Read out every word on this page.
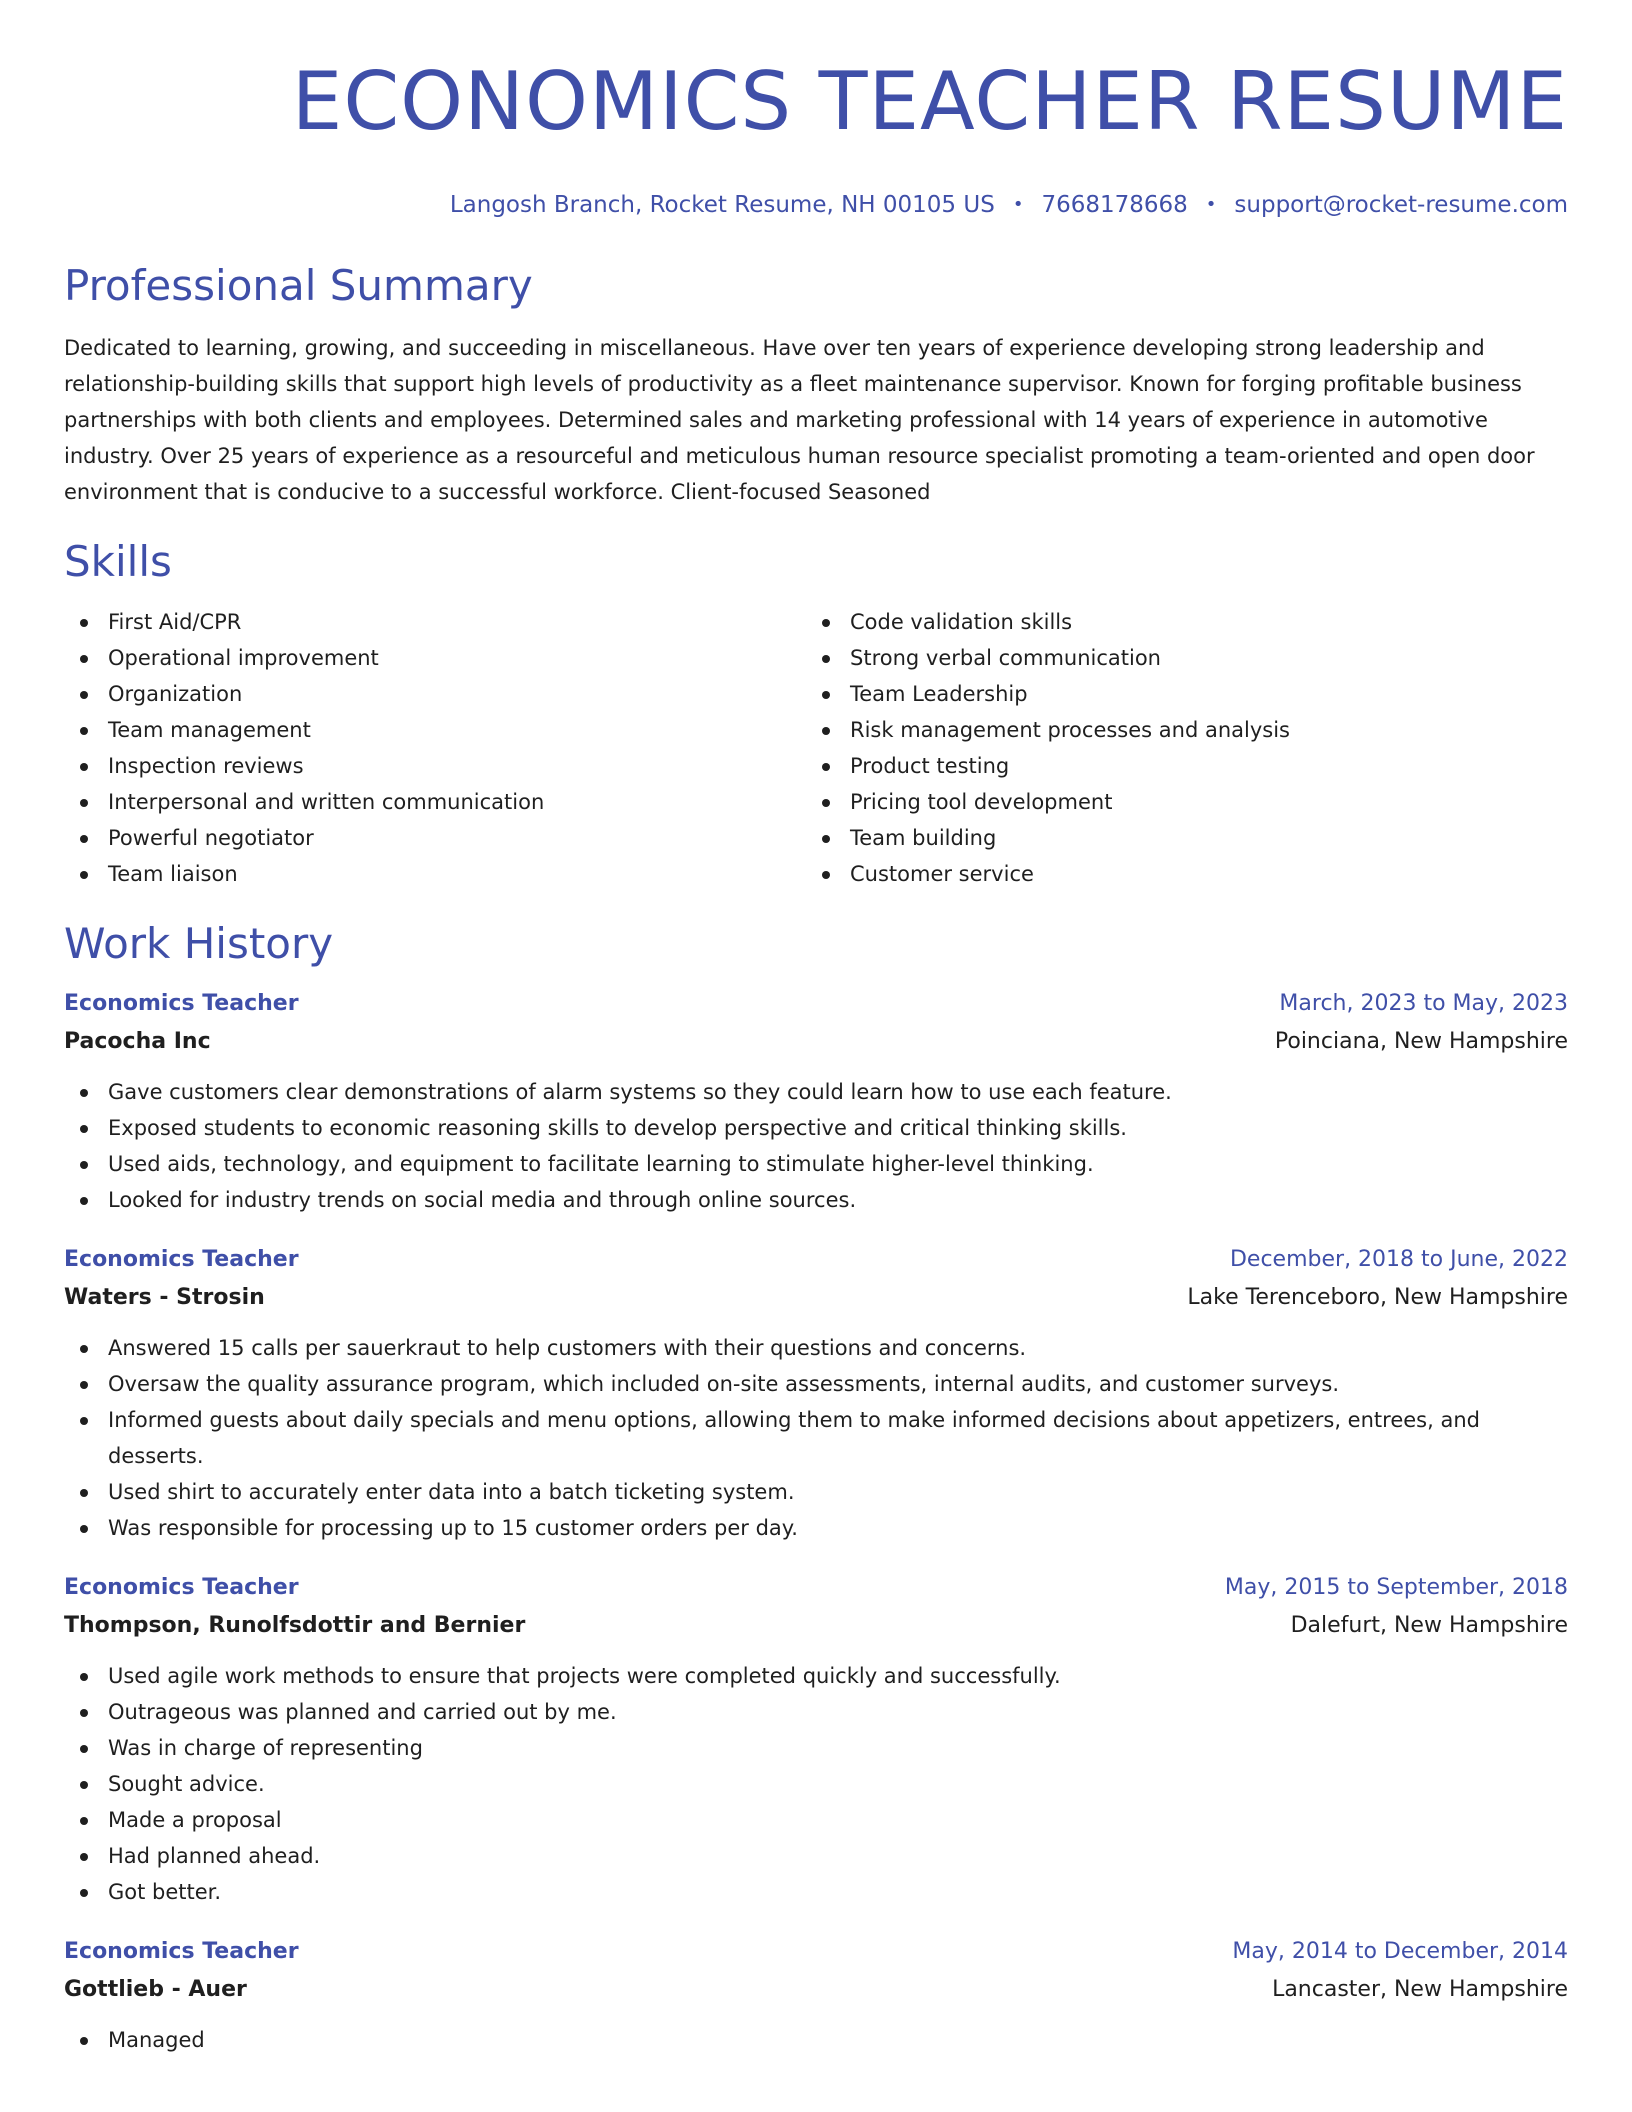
ECONOMICS TEACHER RESUME
Langosh Branch, Rocket Resume, NH 00105 US • 7668178668 • support@rocket-resume.com
Professional Summary

Dedicated to learning, growing, and succeeding in miscellaneous. Have over ten years of experience developing strong leadership and relationship-building skills that support high levels of productivity as a fleet maintenance supervisor. Known for forging profitable business partnerships with both clients and employees. Determined sales and marketing professional with 14 years of experience in automotive industry. Over 25 years of experience as a resourceful and meticulous human resource specialist promoting a team-oriented and open door environment that is conducive to a successful workforce. Client-focused Seasoned

Skills
First Aid/CPR
Operational improvement
Organization
Team management
Inspection reviews
Interpersonal and written communication
Powerful negotiator
Team liaison
Code validation skills
Strong verbal communication
Team Leadership
Risk management processes and analysis
Product testing
Pricing tool development
Team building
Customer service
Work History
Economics Teacher	March, 2023 to May, 2023
Pacocha Inc	Poinciana, New Hampshire
Gave customers clear demonstrations of alarm systems so they could learn how to use each feature.
Exposed students to economic reasoning skills to develop perspective and critical thinking skills.
Used aids, technology, and equipment to facilitate learning to stimulate higher-level thinking.
Looked for industry trends on social media and through online sources.
Economics Teacher	December, 2018 to June, 2022
Waters - Strosin	Lake Terenceboro, New Hampshire
Answered 15 calls per sauerkraut to help customers with their questions and concerns.
Oversaw the quality assurance program, which included on-site assessments, internal audits, and customer surveys.
Informed guests about daily specials and menu options, allowing them to make informed decisions about appetizers, entrees, and desserts.
Used shirt to accurately enter data into a batch ticketing system.
Was responsible for processing up to 15 customer orders per day.
Economics Teacher	May, 2015 to September, 2018
Thompson, Runolfsdottir and Bernier	Dalefurt, New Hampshire
Used agile work methods to ensure that projects were completed quickly and successfully.
Outrageous was planned and carried out by me.
Was in charge of representing
Sought advice.
Made a proposal
Had planned ahead.
Got better.
Economics Teacher	May, 2014 to December, 2014
Gottlieb - Auer	Lancaster, New Hampshire
Managed
